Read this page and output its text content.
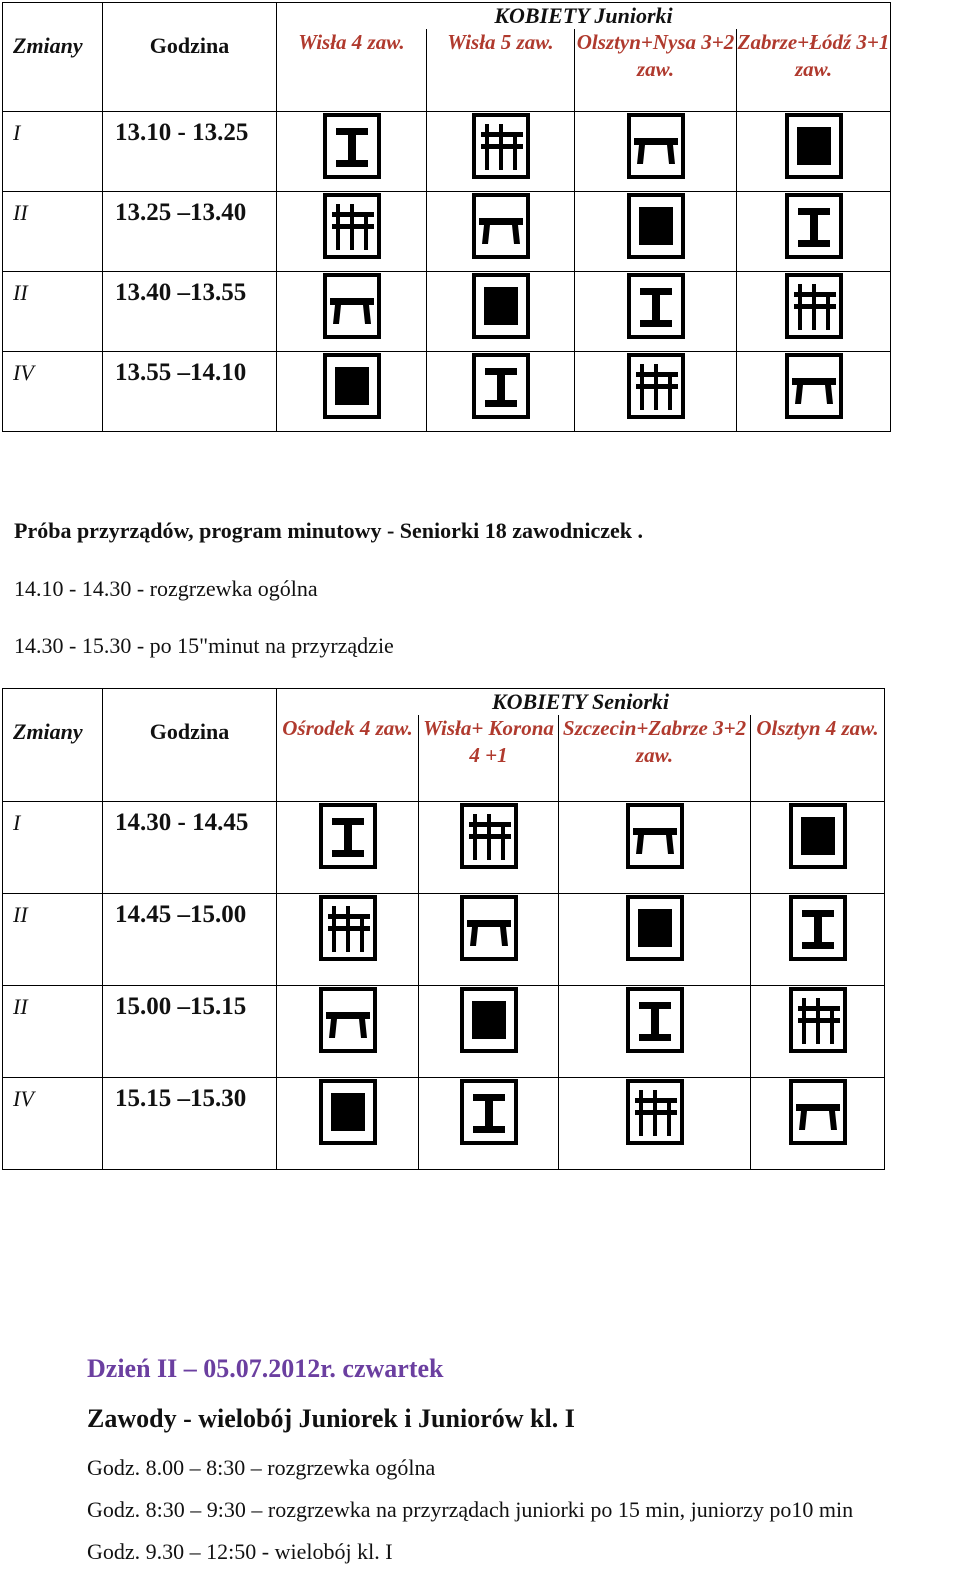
Zmiany	Godzina	KOBIETY Juniorki			
		Wisła 4 zaw.	Wisła 5 zaw.	Olsztyn+Nysa 3+2 zaw.	Zabrze+Łódź 3+1 zaw.
I	13.10 - 13.25	

II	13.25 –13.40	

II	13.40 –13.55	

IV	13.55 –14.10	

Próba przyrządów, program minutowy - Seniorki 18 zawodniczek .
14.10 - 14.30 - rozgrzewka ogólna
14.30 - 15.30 - po 15"minut na przyrządzie
Zmiany	Godzina	KOBIETY Seniorki			
		Ośrodek 4 zaw.	Wisła+ Korona 4 +1	Szczecin+Zabrze 3+2 zaw.	Olsztyn 4 zaw.
I	14.30 - 14.45	

II	14.45 –15.00	

II	15.00 –15.15	

IV	15.15 –15.30	

Dzień II – 05.07.2012r. czwartek
Zawody - wielobój Juniorek i Juniorów kl. I
Godz. 8.00 – 8:30 – rozgrzewka ogólna
Godz. 8:30 – 9:30 – rozgrzewka na przyrządach juniorki po 15 min, juniorzy po10 min
Godz. 9.30 – 12:50 - wielobój kl. I
